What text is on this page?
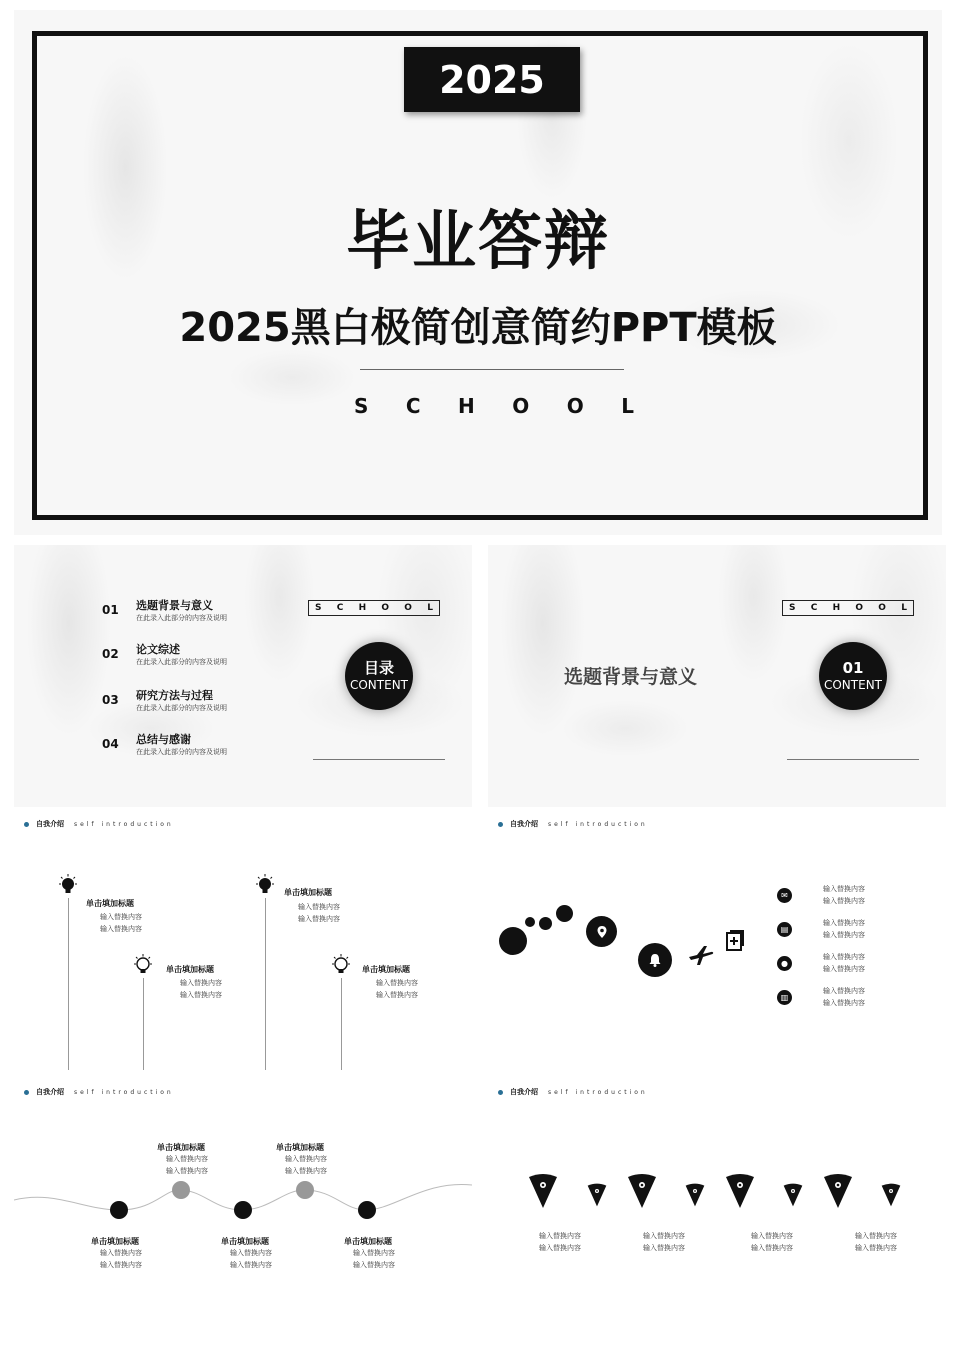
2025
毕业答辩
2025黑白极简创意简约PPT模板
S C H O O L
01 选题背景与意义
在此录入此部分的内容及说明
02 论文综述
在此录入此部分的内容及说明
03 研究方法与过程
在此录入此部分的内容及说明
04 总结与感谢
在此录入此部分的内容及说明
S C H O O L
目录
CONTENT	选题背景与意义
S C H O O L
01
CONTENT
自我介绍 self introduction
单击填加标题
输入替换内容
输入替换内容
单击填加标题
输入替换内容
输入替换内容
单击填加标题
输入替换内容
输入替换内容
单击填加标题
输入替换内容
输入替换内容
自我介绍 self introduction
✉
输入替换内容
输入替换内容
▤
输入替换内容
输入替换内容
●
输入替换内容
输入替换内容
▥
输入替换内容
输入替换内容
自我介绍 self introduction
单击填加标题
输入替换内容
输入替换内容
单击填加标题
输入替换内容
输入替换内容
单击填加标题
输入替换内容
输入替换内容
单击填加标题
输入替换内容
输入替换内容
单击填加标题
输入替换内容
输入替换内容
自我介绍 self introduction
输入替换内容
输入替换内容
输入替换内容
输入替换内容
输入替换内容
输入替换内容
输入替换内容
输入替换内容
